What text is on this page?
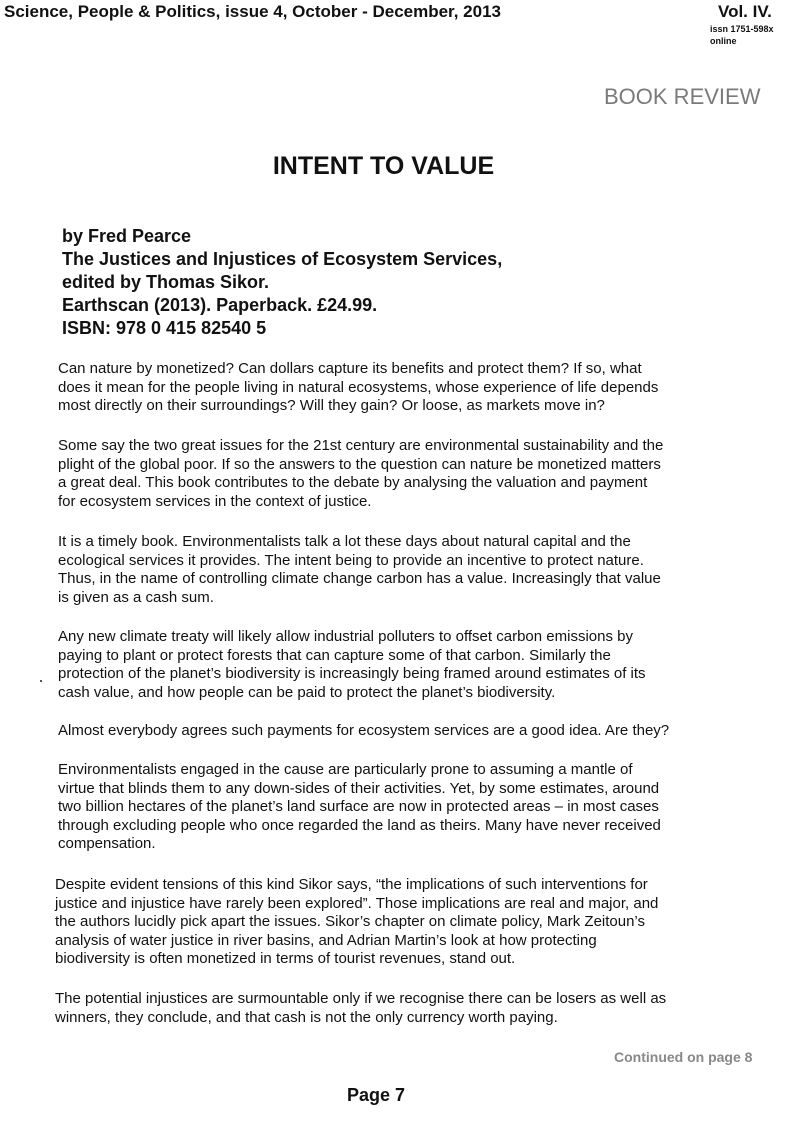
Science, People & Politics, issue 4, October - December, 2013	Vol. IV.
issn 1751-598x
online
BOOK REVIEW
INTENT TO VALUE
by Fred Pearce
The Justices and Injustices of Ecosystem Services,
edited by Thomas Sikor.
Earthscan (2013). Paperback. £24.99.
ISBN: 978 0 415 82540 5
Can nature by monetized? Can dollars capture its benefits and protect them? If so, what
does it mean for the people living in natural ecosystems, whose experience of life depends
most directly on their surroundings? Will they gain? Or loose, as markets move in?
Some say the two great issues for the 21st century are environmental sustainability and the
plight of the global poor. If so the answers to the question can nature be monetized matters
a great deal. This book contributes to the debate by analysing the valuation and payment
for ecosystem services in the context of justice.
It is a timely book. Environmentalists talk a lot these days about natural capital and the
ecological services it provides. The intent being to provide an incentive to protect nature.
Thus, in the name of controlling climate change carbon has a value. Increasingly that value
is given as a cash sum.
Any new climate treaty will likely allow industrial polluters to offset carbon emissions by
paying to plant or protect forests that can capture some of that carbon. Similarly the
protection of the planet’s biodiversity is increasingly being framed around estimates of its
cash value, and how people can be paid to protect the planet’s biodiversity.
Almost everybody agrees such payments for ecosystem services are a good idea. Are they?
Environmentalists engaged in the cause are particularly prone to assuming a mantle of
virtue that blinds them to any down-sides of their activities. Yet, by some estimates, around
two billion hectares of the planet’s land surface are now in protected areas – in most cases
through excluding people who once regarded the land as theirs. Many have never received
compensation.
Despite evident tensions of this kind Sikor says, “the implications of such interventions for
justice and injustice have rarely been explored”. Those implications are real and major, and
the authors lucidly pick apart the issues. Sikor’s chapter on climate policy, Mark Zeitoun’s
analysis of water justice in river basins, and Adrian Martin’s look at how protecting
biodiversity is often monetized in terms of tourist revenues, stand out.
The potential injustices are surmountable only if we recognise there can be losers as well as
winners, they conclude, and that cash is not the only currency worth paying.
Continued on page 8
Page 7
